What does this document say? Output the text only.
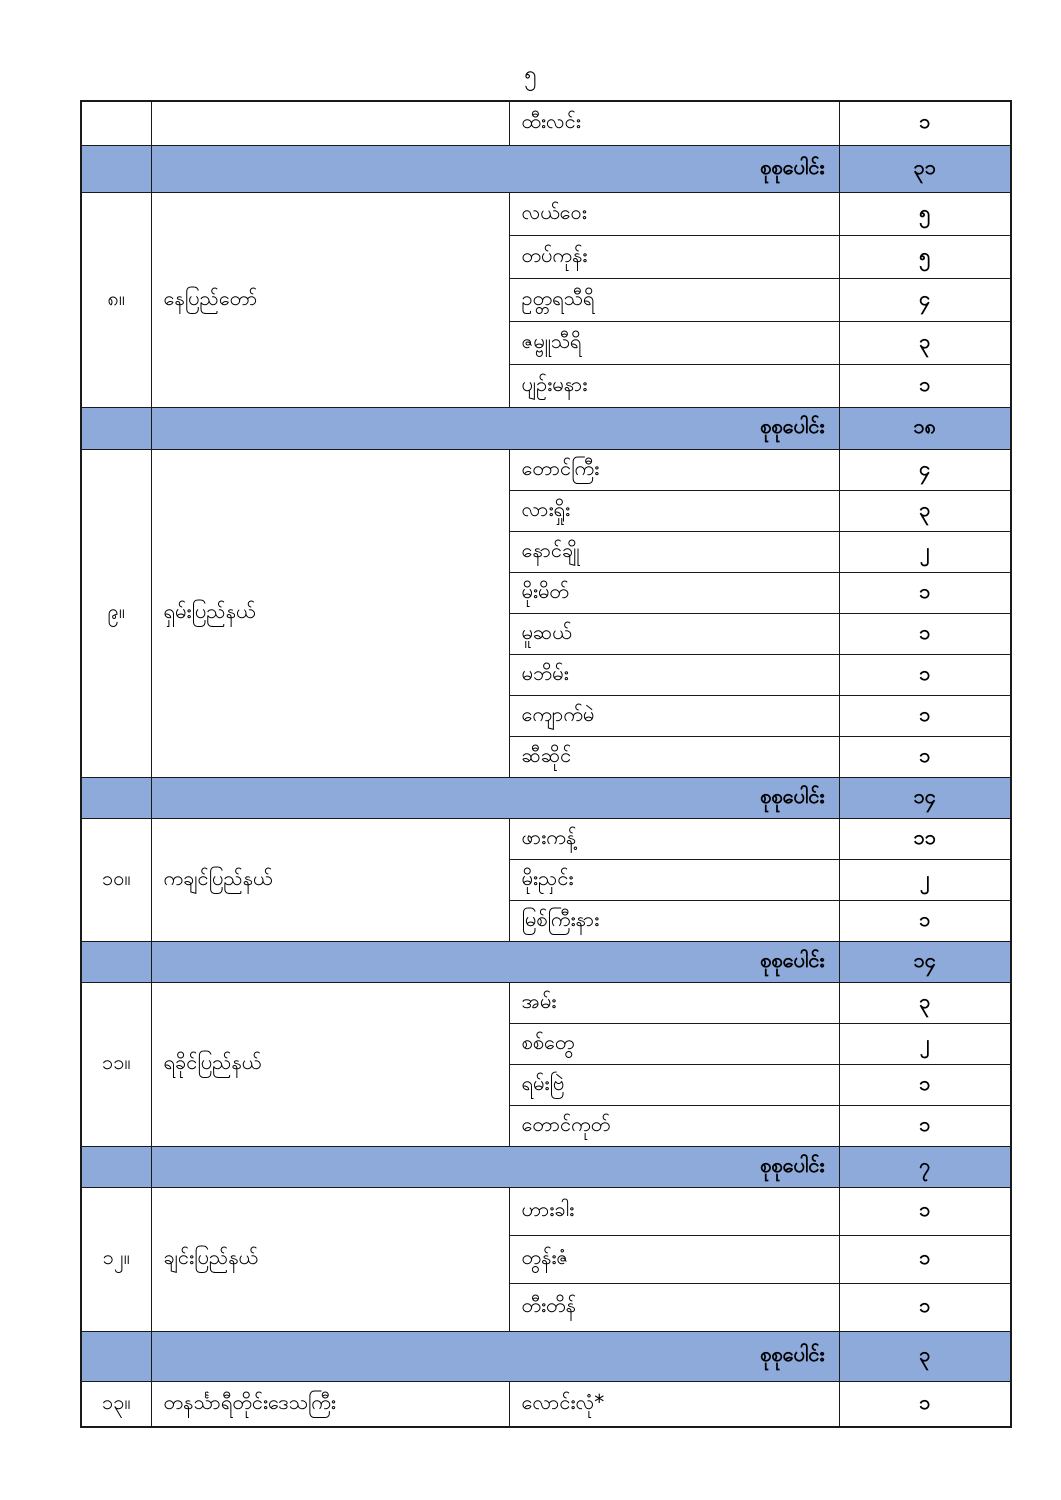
၅
		ထီးလင်း	၁
	စုစုပေါင်း		၃၁
၈။	နေပြည်တော်	လယ်ဝေး	၅
		တပ်ကုန်း	၅
		ဥတ္တရသီရိ	၄
		ဇမ္ဗူသီရိ	၃
		ပျဉ်းမနား	၁
	စုစုပေါင်း		၁၈
၉။	ရှမ်းပြည်နယ်	တောင်ကြီး	၄
		လားရှိုး	၃
		နောင်ချို	၂
		မိုးမိတ်	၁
		မူဆယ်	၁
		မဘိမ်း	၁
		ကျောက်မဲ	၁
		ဆီဆိုင်	၁
	စုစုပေါင်း		၁၄
၁၀။	ကချင်ပြည်နယ်	ဖားကန့်	၁၁
		မိုးညှင်း	၂
		မြစ်ကြီးနား	၁
	စုစုပေါင်း		၁၄
၁၁။	ရခိုင်ပြည်နယ်	အမ်း	၃
		စစ်တွေ	၂
		ရမ်းဗြဲ	၁
		တောင်ကုတ်	၁
	စုစုပေါင်း		၇
၁၂။	ချင်းပြည်နယ်	ဟားခါး	၁
		တွန်းဇံ	၁
		တီးတိန်	၁
	စုစုပေါင်း		၃
၁၃။	တနင်္သာရီတိုင်းဒေသကြီး	လောင်းလုံ*	၁
